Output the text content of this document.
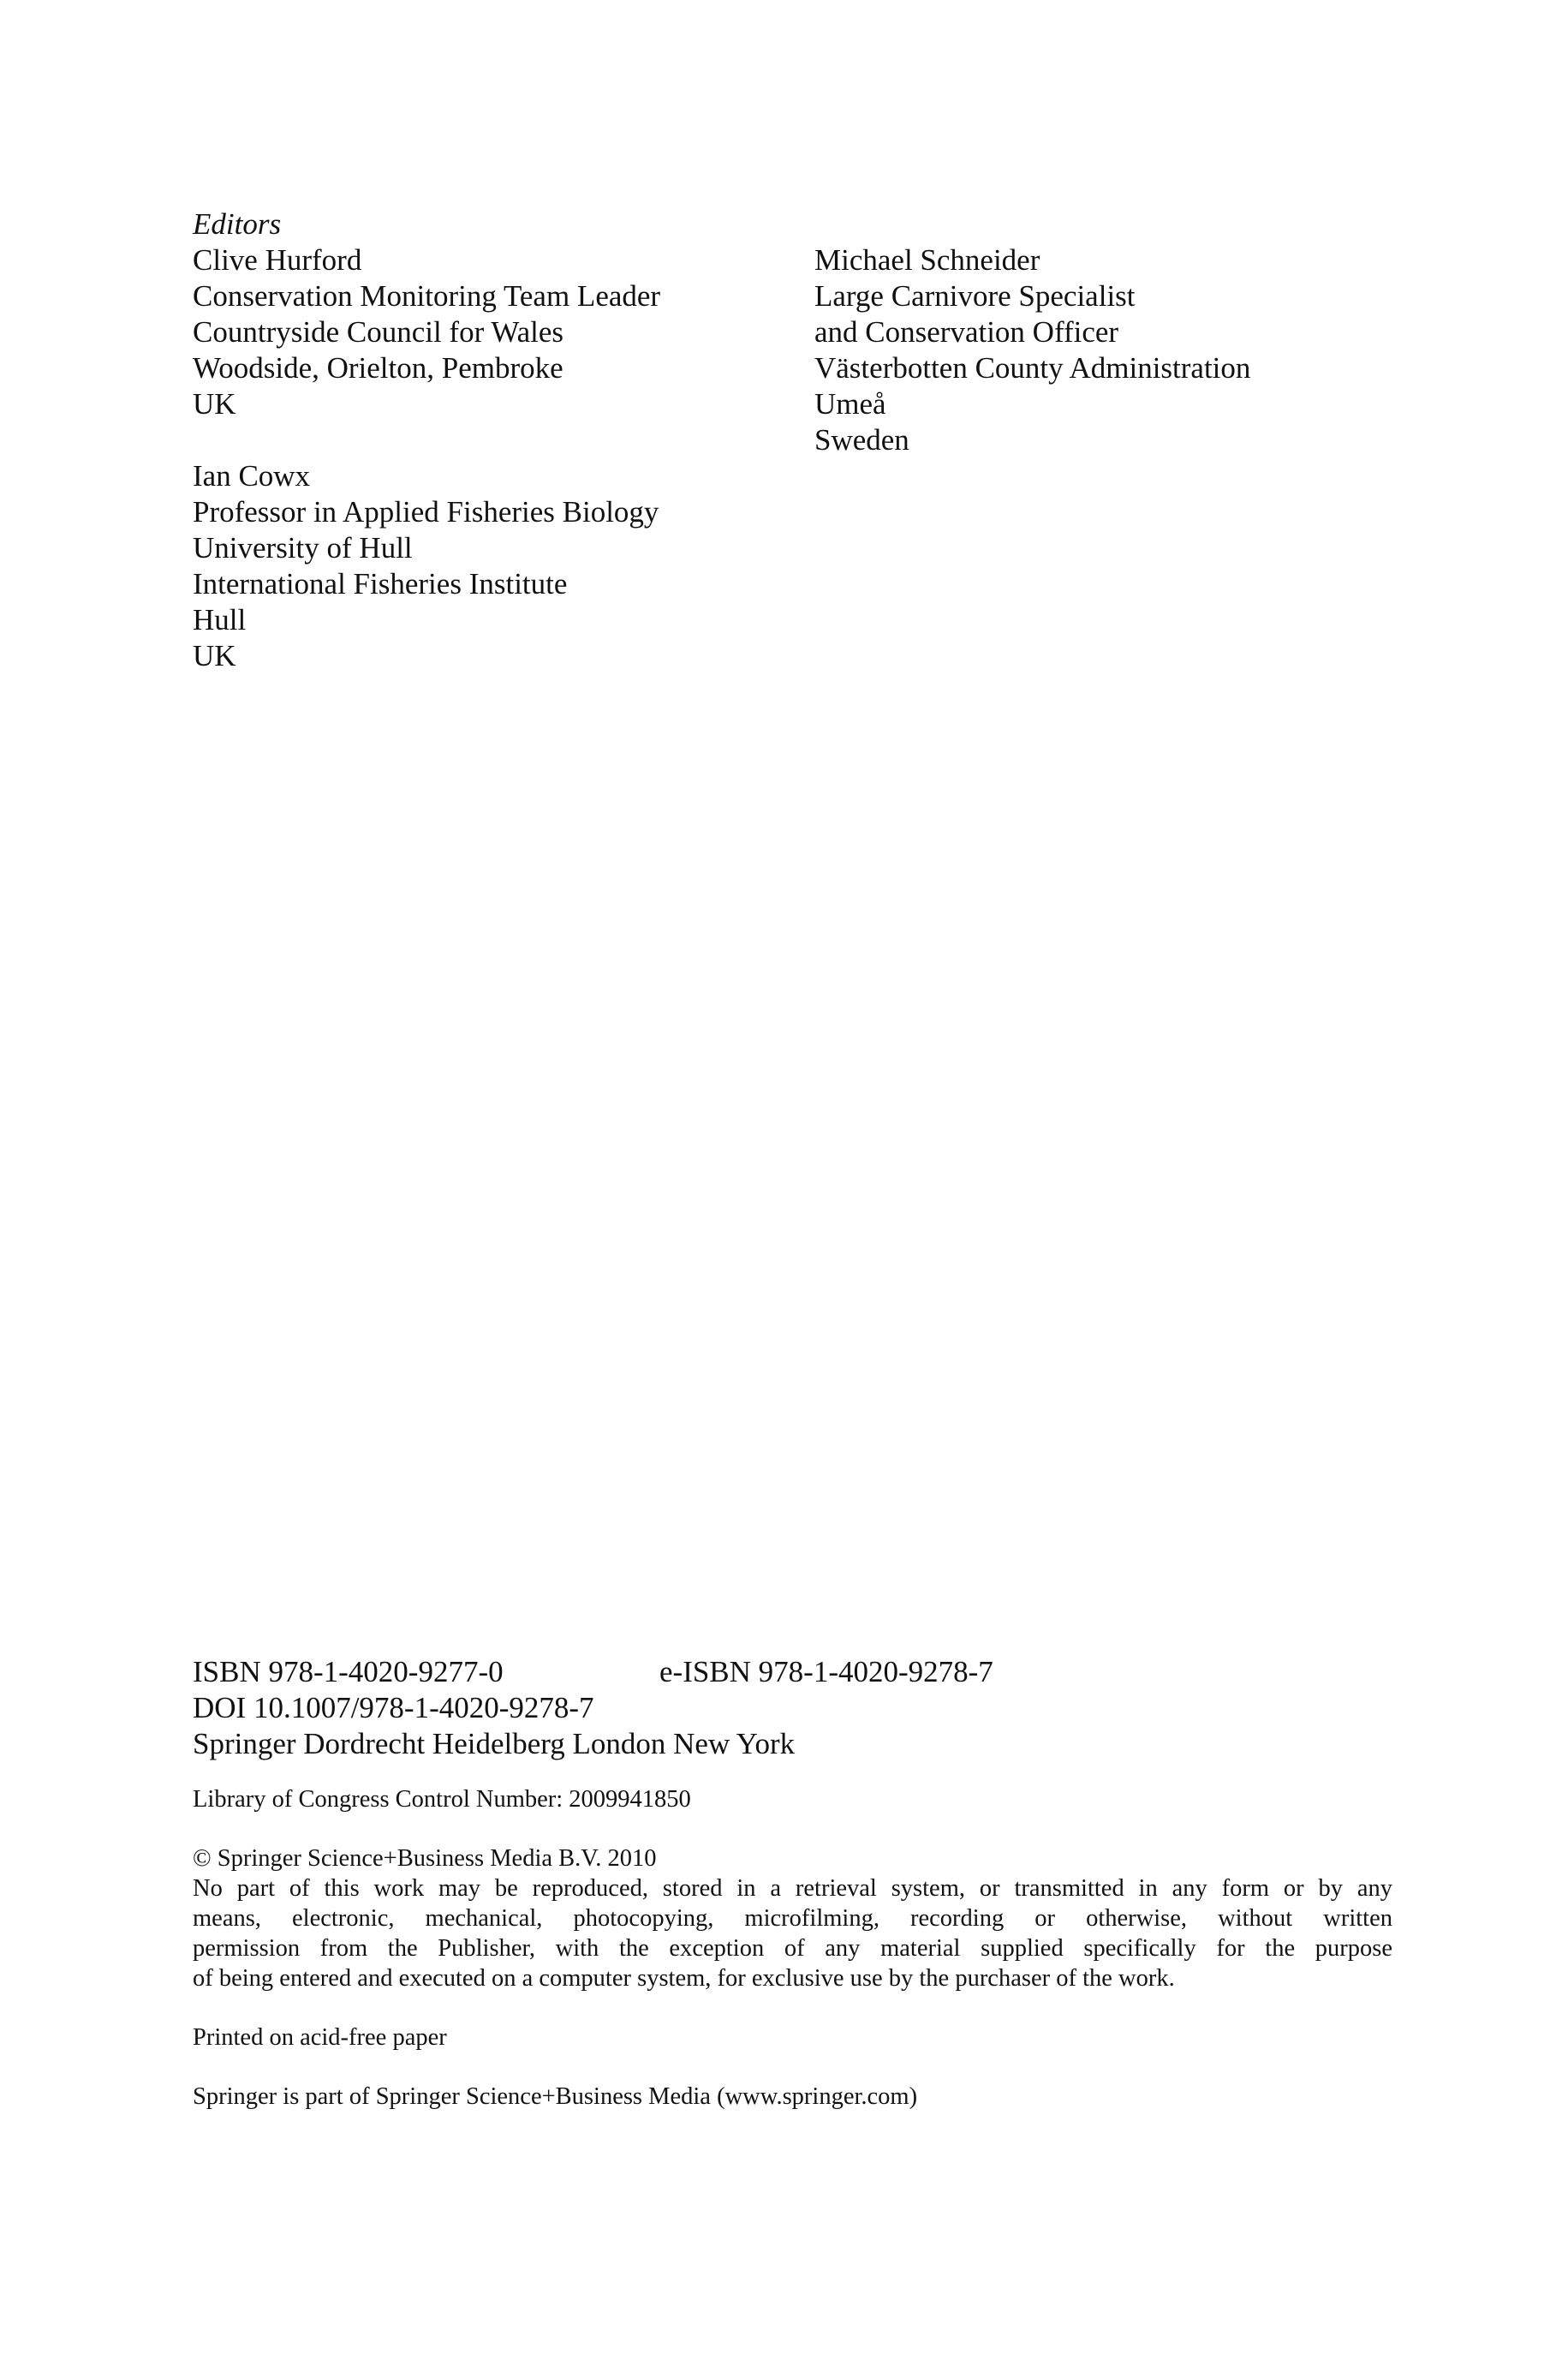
Editors
Clive Hurford
Conservation Monitoring Team Leader
Countryside Council for Wales
Woodside, Orielton, Pembroke
UK
Ian Cowx
Professor in Applied Fisheries Biology
University of Hull
International Fisheries Institute
Hull
UK
Michael Schneider
Large Carnivore Specialist
and Conservation Officer
Västerbotten County Administration
Umeå
Sweden
ISBN 978-1-4020-9277-0	e-ISBN 978-1-4020-9278-7
DOI 10.1007/978-1-4020-9278-7
Springer Dordrecht Heidelberg London New York
Library of Congress Control Number: 2009941850
© Springer Science+Business Media B.V. 2010
No part of this work may be reproduced, stored in a retrieval system, or transmitted in any form or by any
means, electronic, mechanical, photocopying, microfilming, recording or otherwise, without written
permission from the Publisher, with the exception of any material supplied specifically for the purpose
of being entered and executed on a computer system, for exclusive use by the purchaser of the work.
Printed on acid-free paper
Springer is part of Springer Science+Business Media (www.springer.com)
